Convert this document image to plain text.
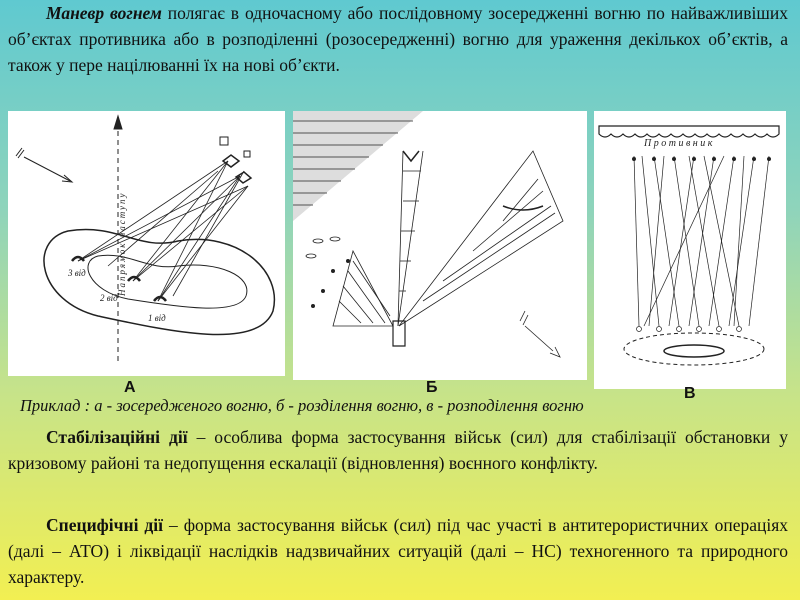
Маневр вогнем полягає в одночасному або послідовному зосередженні вогню по найважливіших об’єктах противника або в розподіленні (розосередженні) вогню для ураження декількох об’єктів, а також у пере націлюванні їх на нові об’єкти.
Напрямок наступу
3 від
2 від
1 від
П р о т и в н и к
А	Б	В
Приклад : а - зосередженого вогню, б - розділення вогню, в - розподілення вогню
Стабілізаційні дії – особлива форма застосування військ (сил) для стабілізації обстановки у кризовому районі та недопущення ескалації (відновлення) воєнного конфлікту.
Специфічні дії – форма застосування військ (сил) під час участі в антитерористичних операціях (далі – АТО) і ліквідації наслідків надзвичайних ситуацій (далі – НС) техногенного та природного характеру.
